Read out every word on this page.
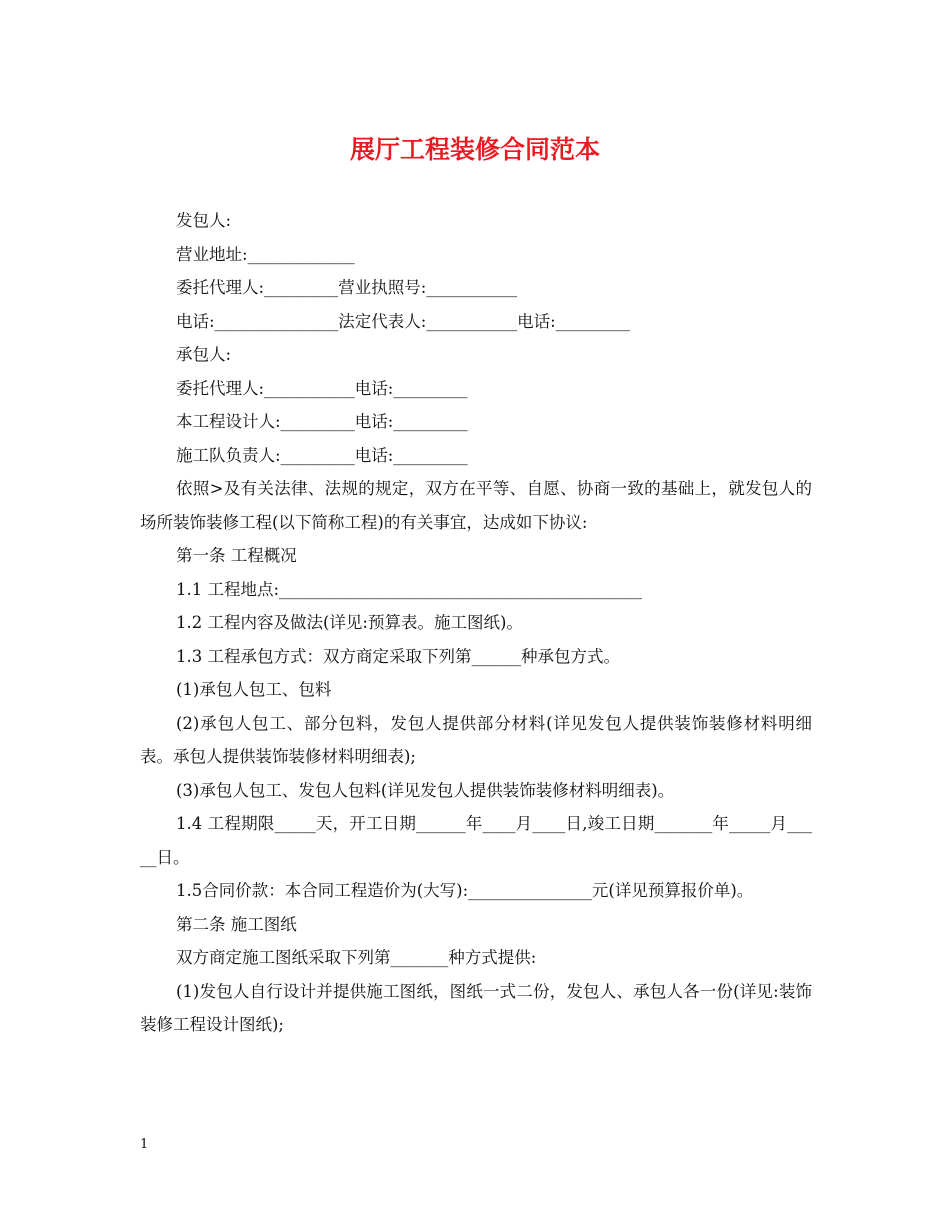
展厅工程装修合同范本

发包人:

营业地址:_____________

委托代理人:_________营业执照号:___________

电话:_______________法定代表人:___________电话:_________

承包人:

委托代理人:___________电话:_________

本工程设计人:_________电话:_________

施工队负责人:_________电话:_________

依照>及有关法律、法规的规定，双方在平等、自愿、协商一致的基础上，就发包人的场所装饰装修工程(以下简称工程)的有关事宜，达成如下协议:

第一条 工程概况

1.1 工程地点:____________________________________________

1.2 工程内容及做法(详见:预算表。施工图纸)。

1.3 工程承包方式：双方商定采取下列第______种承包方式。

(1)承包人包工、包料

(2)承包人包工、部分包料，发包人提供部分材料(详见发包人提供装饰装修材料明细表。承包人提供装饰装修材料明细表);

(3)承包人包工、发包人包料(详见发包人提供装饰装修材料明细表)。

1.4 工程期限_____天，开工日期______年____月____日,竣工日期_______年_____月_____日。

1.5合同价款：本合同工程造价为(大写):_______________元(详见预算报价单)。

第二条 施工图纸

双方商定施工图纸采取下列第_______种方式提供:

(1)发包人自行设计并提供施工图纸，图纸一式二份，发包人、承包人各一份(详见:装饰装修工程设计图纸);

1
